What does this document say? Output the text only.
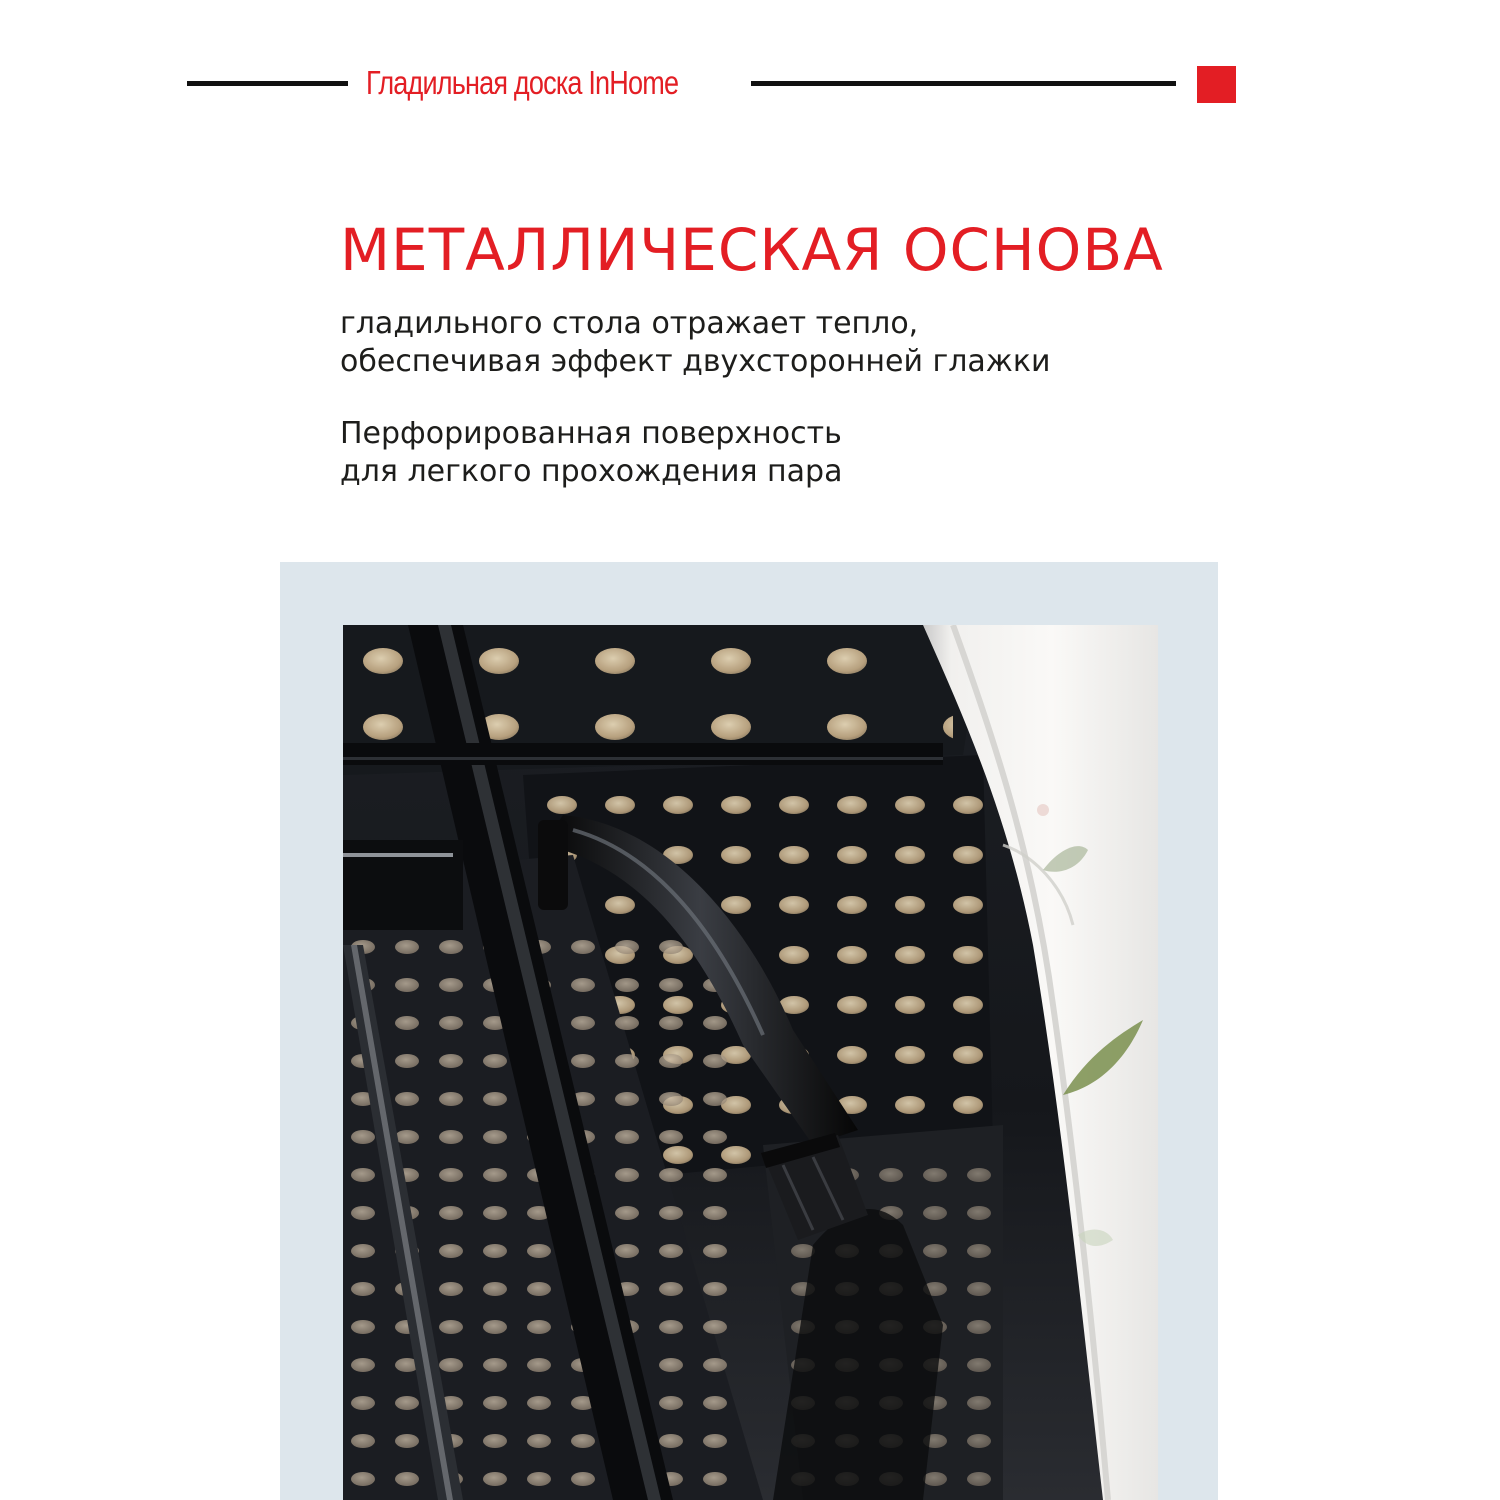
Гладильная доска InHome
МЕТАЛЛИЧЕСКАЯ ОСНОВА
гладильного стола отражает тепло,
обеспечивая эффект двухсторонней глажки
Перфорированная поверхность
для легкого прохождения пара
